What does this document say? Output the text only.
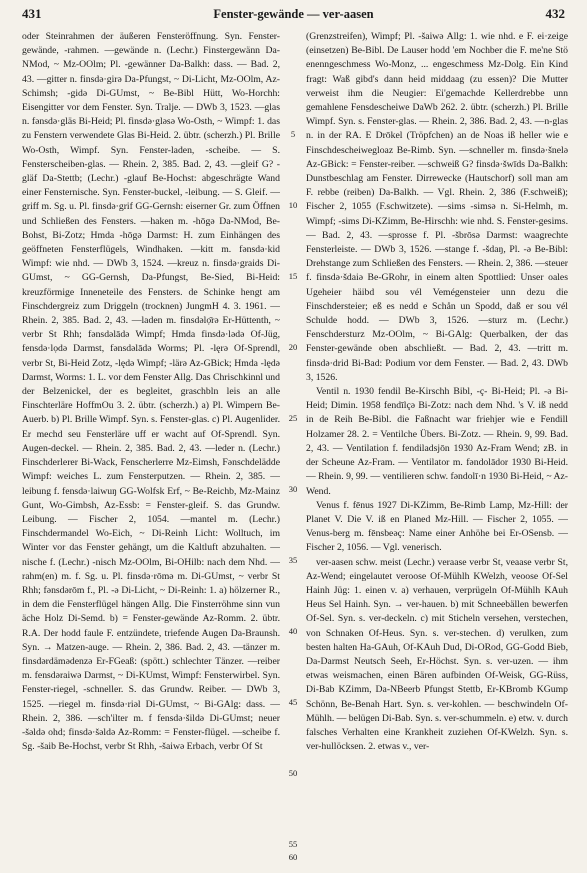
431	Fenster-gewände — ver-aasen	432

oder Steinrahmen der äußeren Fensteröffnung. Syn. Fenster-gewände, -rahmen. —gewände n. (Lechr.) Finstergewänn Da-NMod, ~ Mz-OOlm; Pl. -gewänner Da-Balkh: dass. — Bad. 2, 43. —gitter n. finsdə·girə Da-Pfungst, ~ Di-Licht, Mz-OOlm, Az-Schimsh; -gidə Di-GUmst, ~ Be-Bibl Hütt, Wo-Horchh: Eisengitter vor dem Fenster. Syn. Tralje. — DWb 3, 1523. —glas n. fənsdə·gläs Bi-Heid; Pl. finsdə·gləsə Wo-Osth, ~ Wimpf: 1. das zu Fenstern verwendete Glas Bi-Heid. 2. übtr. (scherzh.) Pl. Brille Wo-Osth, Wimpf. Syn. Fenster-laden, -scheibe. — S. Fensterscheiben-glas. — Rhein. 2, 385. Bad. 2, 43. —gleif G? -gläf Da-Stettb; (Lechr.) -glauf Be-Hochst: abgeschrägte Wand einer Fensternische. Syn. Fenster-buckel, -leibung. — S. Gleif. —griff m. Sg. u. Pl. finsdə·grif GG-Gernsh: eiserner Gr. zum Öffnen und Schließen des Fensters. —haken m. -hōgə Da-NMod, Be-Bohst, Bi-Zotz; Hmda -hōgə Darmst: H. zum Einhängen des geöffneten Fensterflügels, Windhaken. —kitt m. fənsdə·kid Wimpf: wie nhd. — DWb 3, 1524. —kreuz n. finsdə·graids Di-GUmst, ~ GG-Gernsh, Da-Pfungst, Be-Sied, Bi-Heid: kreuzförmige Inneneteile des Fensters. de Schinke hengt am Finschdergreiz zum Driggeln (trocknen) JungmH 4. 3. 1961. — Rhein. 2, 385. Bad. 2, 43. —laden m. finsdəlọ̄rə Er-Hüttenth, ~ verbr St Rhh; fənsdəlādə Wimpf; Hmda finsdə·lədə Of-Jüg, fensdə·lọdə Darmst, fənsdəlādə Worms; Pl. -lęrə Of-Sprendl, verbr St, Bi-Heid Zotz, -lędə Wimpf; -lärə Az-GBick; Hmda -lędə Darmst, Worms: 1. L. vor dem Fenster Allg. Das Chrischkinnl und der Belzenickel, der es begleitet, graschbln leis an alle Finschterläre HoffmOu 3. 2. übtr. (scherzh.) a) Pl. Wimpern Be-Auerb. b) Pl. Brille Wimpf. Syn. s. Fenster-glas. c) Pl. Augenlider. Er mechd seu Fensterläre uff er wacht auf Of-Sprendl. Syn. Augen-deckel. — Rhein. 2, 385. Bad. 2, 43. —leder n. (Lechr.) Finschderlerer Bi-Wack, Fenscherlerre Mz-Eimsh, Fənschdelädde Wimpf: weiches L. zum Fensterputzen. — Rhein. 2, 385. —leibung f. fensdə·laiwuŋ GG-Wolfsk Erf, ~ Be-Reichb, Mz-Mainz Gunt, Wo-Gimbsh, Az-Essb: = Fenster-gleif. S. das Grundw. Leibung. — Fischer 2, 1054. —mantel m. (Lechr.) Finschdermandel Wo-Eich, ~ Di-Reinh Licht: Wolltuch, im Winter vor das Fenster gehängt, um die Kaltluft abzuhalten. —nische f. (Lechr.) -nisch Mz-OOlm, Bi-OHilb: nach dem Nhd. —rahm(en) m. f. Sg. u. Pl. finsdə·rōmə m. Di-GUmst, ~ verbr St Rhh; fənsdərōm f., Pl. -ə Di-Licht, ~ Di-Reinh: 1. a) hölzerner R., in dem die Fensterflügel hängen Allg. Die Finsterröhme sinn vun äche Holz Di-Semd. b) = Fenster-gewände Az-Romm. 2. übtr. R.A. Der hodd faule F. entzündete, triefende Augen Da-Braunsh. Syn. → Matzen-auge. — Rhein. 2, 386. Bad. 2, 43. —tänzer m. finsdərdämədenzə Er-FGeaß: (spött.) schlechter Tänzer. —reiber m. fensdəraiwə Darmst, ~ Di-KUmst, Wimpf: Fensterwirbel. Syn. Fenster-riegel, -schneller. S. das Grundw. Reiber. — DWb 3, 1525. —riegel m. finsdə·riəl Di-GUmst, ~ Bi-GAlg: dass. — Rhein. 2, 386. —sch'ilter m. f fensdə·šildə Di-GUmst; neuer -šəldə ohd; finsdə·šəldə Az-Romm: = Fenster-flügel. —scheibe f. Sg. -šaib Be-Hochst, verbr St Rhh, -šaiwə Erbach, verbr Of St

5
10
15
20
25
30
35
40
45
50
55
60

(Grenzstreifen), Wimpf; Pl. -šaiwə Allg: 1. wie nhd. e F. ei·zeige (einsetzen) Be-Bibl. De Lauser hodd 'em Nochber die F. me'ne Stö enenngeschmess Wo-Monz, ... engeschmess Mz-Dolg. Ein Kind fragt: Waß gibd's dann heid middaag (zu essen)? Die Mutter verweist ihm die Neugier: Ei'gemachde Kellerdrebbe unn gemahlene Fensdescheiwe DaWb 262. 2. übtr. (scherzh.) Pl. Brille Wimpf. Syn. s. Fenster-glas. — Rhein. 2, 386. Bad. 2, 43. —n-glas n. in der RA. E Drōkel (Tröpfchen) an de Noas iß heller wie e Finschdescheiwegloaz Be-Rimb. Syn. —schneller m. finsdə·šnelə Az-GBick: = Fenster-reiber. —schweiß G? finsdə·šwīds Da-Balkh: Dunstbeschlag am Fenster. Dirrewecke (Hautschorf) soll man am F. rebbe (reiben) Da-Balkh. — Vgl. Rhein. 2, 386 (F.schweiß); Fischer 2, 1055 (F.schwitzete). —sims -simsə n. Si-Helmh, m. Wimpf; -sims Di-KZimm, Be-Hirschh: wie nhd. S. Fenster-gesims. — Bad. 2, 43. —sprosse f. Pl. -šbrōsə Darmst: waagrechte Fensterleiste. — DWb 3, 1526. —stange f. -šdaŋ, Pl. -ə Be-Bibl: Drehstange zum Schließen des Fensters. — Rhein. 2, 386. —steuer f. finsdə·šdaiə Be-GRohr, in einem alten Spottlied: Unser oales Ugeheier häibd sou vél Vemégensteier unn dezu die Finschdersteier; eß es nedd e Schån un Spodd, daß er sou vél Schulde hodd. — DWb 3, 1526. —sturz m. (Lechr.) Fenschdersturz Mz-OOlm, ~ Bi-GAlg: Querbalken, der das Fenster-gewände oben abschließt. — Bad. 2, 43. —tritt m. finsdə·drid Bi-Bad: Podium vor dem Fenster. — Bad. 2, 43. DWb 3, 1526.

Ventil n. 1930 fendil Be-Kirschh Bibl, -ç- Bi-Heid; Pl. -ə Bi-Heid; Dimin. 1958 fendīlçə Bi-Zotz: nach dem Nhd. 's V. iß nedd in de Reih Be-Bibl. die Faßnacht war friehjer wie e Fendill Holzamer 28. 2. = Ventilche Übers. Bi-Zotz. — Rhein. 9, 99. Bad. 2, 43. — Ventilation f. fendiladsjōn 1930 Az-Fram Wend; zB. in der Scheune Az-Fram. — Ventilator m. fəndolādor 1930 Bi-Heid. — Rhein. 9, 99. — ventilieren schw. fəndolī·n 1930 Bi-Heid, ~ Az-Wend.

Venus f. fēnus 1927 Di-KZimm, Be-Rimb Lamp, Mz-Hill: der Planet V. Die V. iß en Planed Mz-Hill. — Fischer 2, 1055. — Venus-berg m. fēnsbeəç: Name einer Anhöhe bei Er-OSensb. — Fischer 2, 1056. — Vgl. venerisch.

ver-aasen schw. meist (Lechr.) veraase verbr St, veaase verbr St, Az-Wend; eingelautet veroose Of-Mühlh KWelzh, veoose Of-Sel Hainh Jüg: 1. einen v. a) verhauen, verprügeln Of-Mühlh KAuh Heus Sel Hainh. Syn. → ver-hauen. b) mit Schneebällen bewerfen Of-Sel. Syn. s. ver-deckeln. c) mit Sticheln versehen, verstechen, von Schnaken Of-Heus. Syn. s. ver-stechen. d) verulken, zum besten halten Ha-GAuh, Of-KAuh Dud, Di-ORod, GG-Godd Bieb, Da-Darmst Neutsch Seeh, Er-Höchst. Syn. s. ver-uzen. — ihm etwas weismachen, einen Bären aufbinden Of-Weisk, GG-Rüss, Di-Bab KZimm, Da-NBeerb Pfungst Stettb, Er-KBromb KGump Schönn, Be-Benah Hart. Syn. s. ver-kohlen. — beschwindeln Of-Mühlh. — belügen Di-Bab. Syn. s. ver-schummeln. e) etw. v. durch falsches Verhalten eine Krankheit zuziehen Of-KWelzh. Syn. s. ver-hullöcksen. 2. etwas v., ver-
